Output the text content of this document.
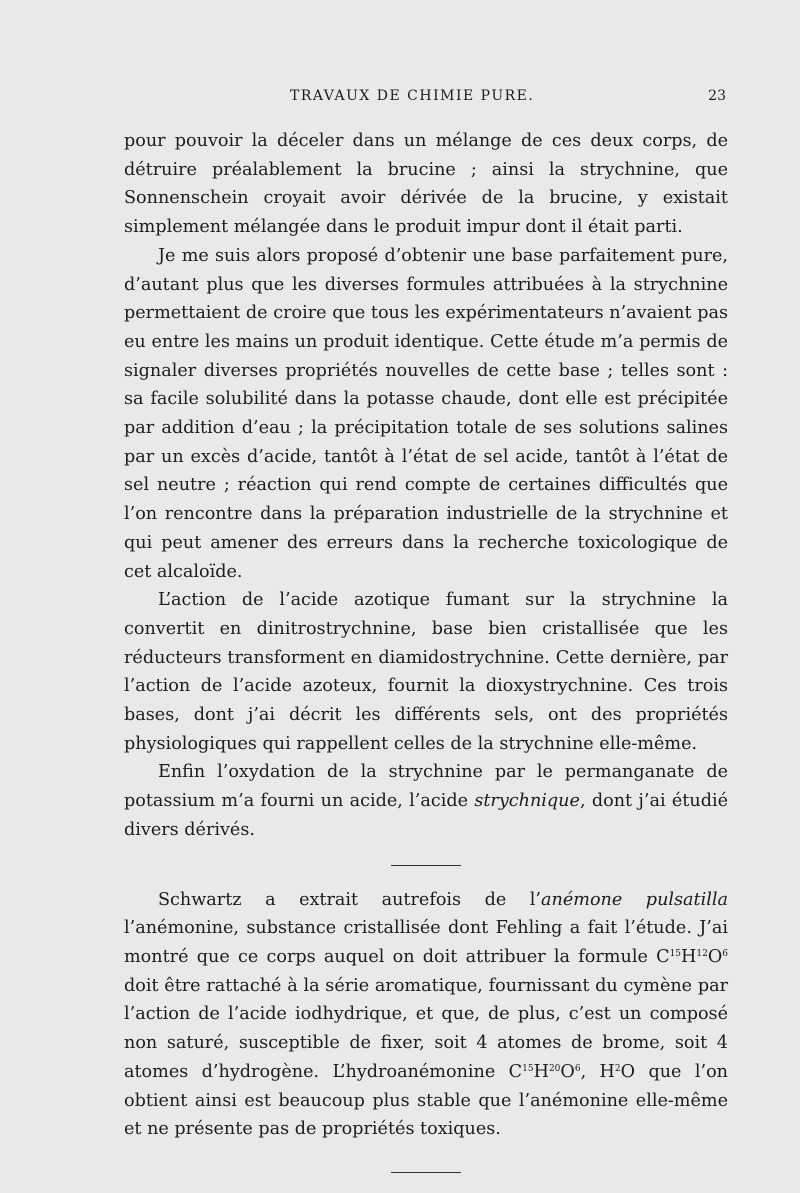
TRAVAUX DE CHIMIE PURE.	23

pour pouvoir la déceler dans un mélange de ces deux corps, de détruire préalablement la brucine ; ainsi la strychnine, que Sonnenschein croyait avoir dérivée de la brucine, y existait simplement mélangée dans le produit impur dont il était parti.

Je me suis alors proposé d’obtenir une base parfaitement pure, d’autant plus que les diverses formules attribuées à la strychnine permettaient de croire que tous les expérimentateurs n’avaient pas eu entre les mains un produit identique. Cette étude m’a permis de signaler diverses propriétés nouvelles de cette base ; telles sont : sa facile solubilité dans la potasse chaude, dont elle est précipitée par addition d’eau ; la précipitation totale de ses solutions salines par un excès d’acide, tantôt à l’état de sel acide, tantôt à l’état de sel neutre ; réaction qui rend compte de certaines difficultés que l’on rencontre dans la préparation industrielle de la strychnine et qui peut amener des erreurs dans la recherche toxicologique de cet alcaloïde.

L’action de l’acide azotique fumant sur la strychnine la convertit en dinitrostrychnine, base bien cristallisée que les réducteurs transforment en diamidostrychnine. Cette dernière, par l’action de l’acide azoteux, fournit la dioxystrychnine. Ces trois bases, dont j’ai décrit les différents sels, ont des propriétés physiologiques qui rappellent celles de la strychnine elle-même.

Enfin l’oxydation de la strychnine par le permanganate de potassium m’a fourni un acide, l’acide strychnique, dont j’ai étudié divers dérivés.

Schwartz a extrait autrefois de l’anémone pulsatilla l’anémonine, substance cristallisée dont Fehling a fait l’étude. J’ai montré que ce corps auquel on doit attribuer la formule $C^{15}H^{12}O^6$ doit être rattaché à la série aromatique, fournissant du cymène par l’action de l’acide iodhydrique, et que, de plus, c’est un composé non saturé, susceptible de fixer, soit 4 atomes de brome, soit 4 atomes d’hydrogène. L’hydroanémonine $C^{15}H^{20}O^6$, $H^2O$ que l’on obtient ainsi est beaucoup plus stable que l’anémonine elle-même et ne présente pas de propriétés toxiques.
